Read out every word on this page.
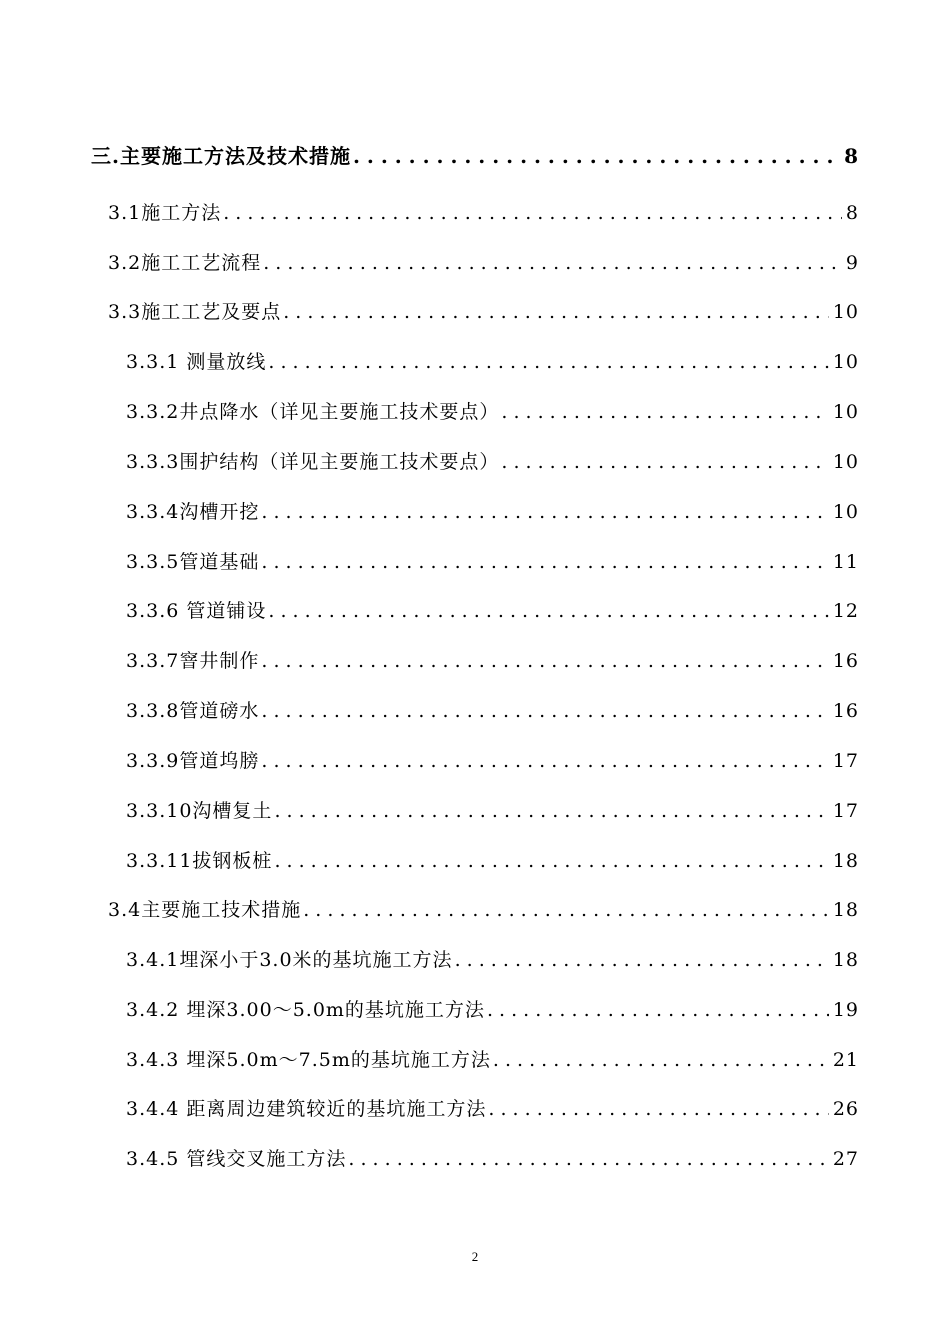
三.主要施工方法及技术措施 . . .	8
3.1施工方法 . . .	8
3.2施工工艺流程 . . .	9
3.3施工工艺及要点 . . .	10
3.3.1 测量放线 . . .	10
3.3.2井点降水（详见主要施工技术要点） . . .	10
3.3.3围护结构（详见主要施工技术要点） . . .	10
3.3.4沟槽开挖 . . .	10
3.3.5管道基础 . . .	11
3.3.6 管道铺设 . . .	12
3.3.7窨井制作 . . .	16
3.3.8管道磅水 . . .	16
3.3.9管道坞膀 . . .	17
3.3.10沟槽复土 . . .	17
3.3.11拔钢板桩 . . .	18
3.4主要施工技术措施 . . .	18
3.4.1埋深小于3.0米的基坑施工方法 . . .	18
3.4.2 埋深3.00～5.0m的基坑施工方法 . . .	19
3.4.3 埋深5.0m～7.5m的基坑施工方法 . . .	21
3.4.4 距离周边建筑较近的基坑施工方法 . . .	26
3.4.5 管线交叉施工方法 . . .	27
2
